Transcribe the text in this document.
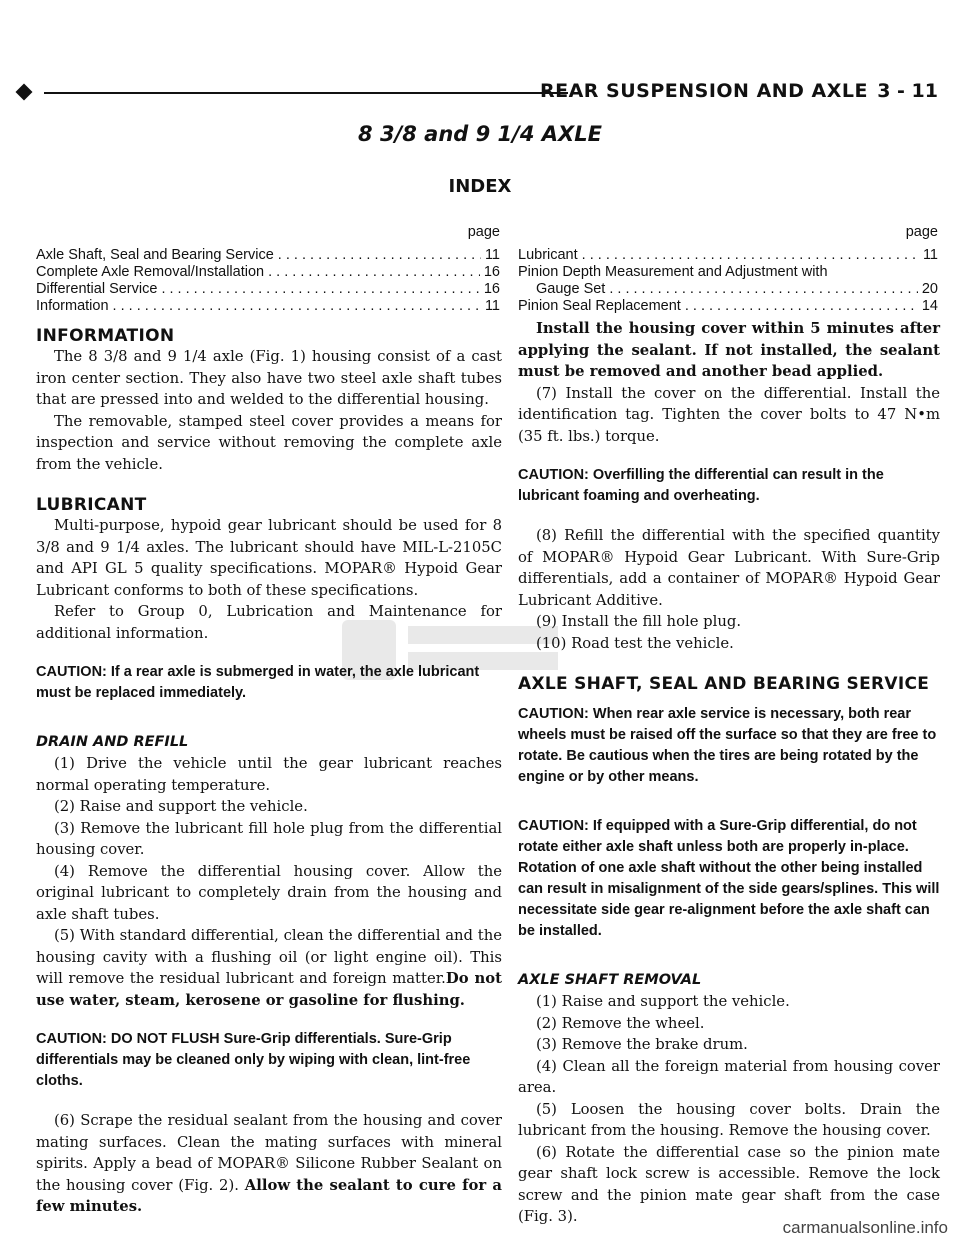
REAR SUSPENSION AND AXLE 3 - 11
8 3/8 and 9 1/4 AXLE
INDEX
page
Axle Shaft, Seal and Bearing Service . . .	11
Complete Axle Removal/Installation . . .	16
Differential Service . . .	16
Information . . .	11
page
Lubricant . . .	11
Pinion Depth Measurement and Adjustment with
Gauge Set . . .	20
Pinion Seal Replacement . . .	14
INFORMATION

The 8 3/8 and 9 1/4 axle (Fig. 1) housing consist of a cast iron center section. They also have two steel axle shaft tubes that are pressed into and welded to the differential housing.

The removable, stamped steel cover provides a means for inspection and service without removing the complete axle from the vehicle.

LUBRICANT

Multi-purpose, hypoid gear lubricant should be used for 8 3/8 and 9 1/4 axles. The lubricant should have MIL-L-2105C and API GL 5 quality specifications. MOPAR® Hypoid Gear Lubricant conforms to both of these specifications.

Refer to Group 0, Lubrication and Maintenance for additional information.

CAUTION: If a rear axle is submerged in water, the axle lubricant must be replaced immediately.

DRAIN AND REFILL

(1) Drive the vehicle until the gear lubricant reaches normal operating temperature.

(2) Raise and support the vehicle.

(3) Remove the lubricant fill hole plug from the differential housing cover.

(4) Remove the differential housing cover. Allow the original lubricant to completely drain from the housing and axle shaft tubes.

(5) With standard differential, clean the differential and the housing cavity with a flushing oil (or light engine oil). This will remove the residual lubricant and foreign matter.Do not use water, steam, kerosene or gasoline for flushing.

CAUTION: DO NOT FLUSH Sure-Grip differentials. Sure-Grip differentials may be cleaned only by wiping with clean, lint-free cloths.

(6) Scrape the residual sealant from the housing and cover mating surfaces. Clean the mating surfaces with mineral spirits. Apply a bead of MOPAR® Silicone Rubber Sealant on the housing cover (Fig. 2). Allow the sealant to cure for a few minutes.

Install the housing cover within 5 minutes after applying the sealant. If not installed, the sealant must be removed and another bead applied.

(7) Install the cover on the differential. Install the identification tag. Tighten the cover bolts to 47 N•m (35 ft. lbs.) torque.

CAUTION: Overfilling the differential can result in the lubricant foaming and overheating.

(8) Refill the differential with the specified quantity of MOPAR® Hypoid Gear Lubricant. With Sure-Grip differentials, add a container of MOPAR® Hypoid Gear Lubricant Additive.

(9) Install the fill hole plug.

(10) Road test the vehicle.

AXLE SHAFT, SEAL AND BEARING SERVICE

CAUTION: When rear axle service is necessary, both rear wheels must be raised off the surface so that they are free to rotate. Be cautious when the tires are being rotated by the engine or by other means.

CAUTION: If equipped with a Sure-Grip differential, do not rotate either axle shaft unless both are properly in-place. Rotation of one axle shaft without the other being installed can result in misalignment of the side gears/splines. This will necessitate side gear re-alignment before the axle shaft can be installed.

AXLE SHAFT REMOVAL

(1) Raise and support the vehicle.

(2) Remove the wheel.

(3) Remove the brake drum.

(4) Clean all the foreign material from housing cover area.

(5) Loosen the housing cover bolts. Drain the lubricant from the housing. Remove the housing cover.

(6) Rotate the differential case so the pinion mate gear shaft lock screw is accessible. Remove the lock screw and the pinion mate gear shaft from the case (Fig. 3).

carmanualsonline.info
